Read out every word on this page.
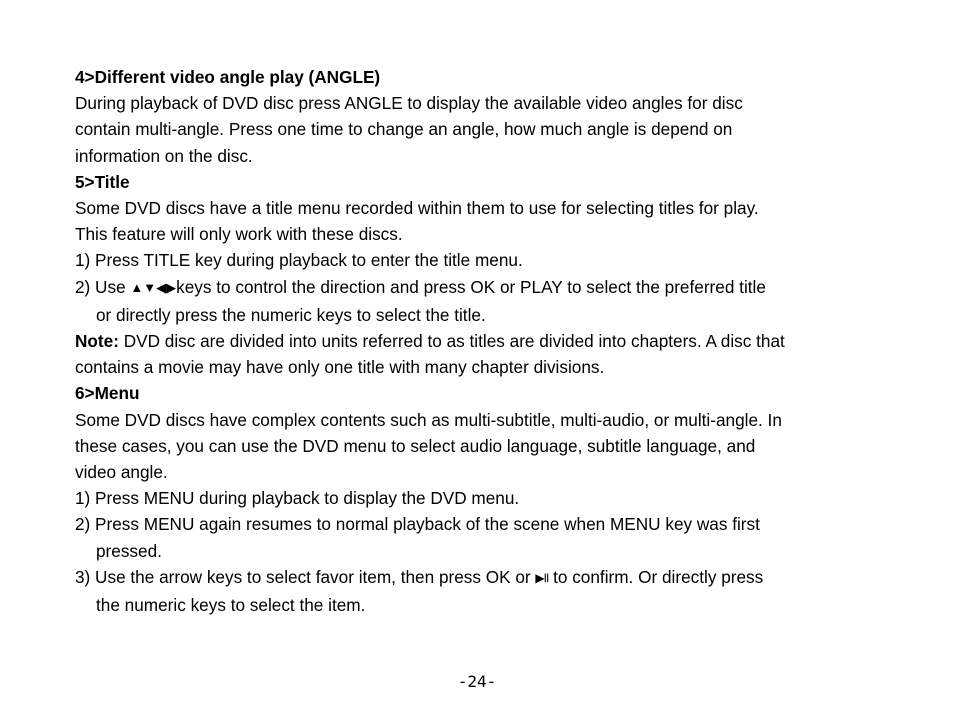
4>Different video angle play (ANGLE)
During playback of DVD disc press ANGLE to display the available video angles for disc
contain multi-angle. Press one time to change an angle, how much angle is depend on
information on the disc.
5>Title
Some DVD discs have a title menu recorded within them to use for selecting titles for play.
This feature will only work with these discs.
1) Press TITLE key during playback to enter the title menu.
2) Use ▲▼◀▶keys to control the direction and press OK or PLAY to select the preferred title
or directly press the numeric keys to select the title.
Note: DVD disc are divided into units referred to as titles are divided into chapters. A disc that
contains a movie may have only one title with many chapter divisions.
6>Menu
Some DVD discs have complex contents such as multi-subtitle, multi-audio, or multi-angle. In
these cases, you can use the DVD menu to select audio language, subtitle language, and
video angle.
1) Press MENU during playback to display the DVD menu.
2) Press MENU again resumes to normal playback of the scene when MENU key was first
pressed.
3) Use the arrow keys to select favor item, then press OK or ▶II to confirm. Or directly press
the numeric keys to select the item.
-24-
